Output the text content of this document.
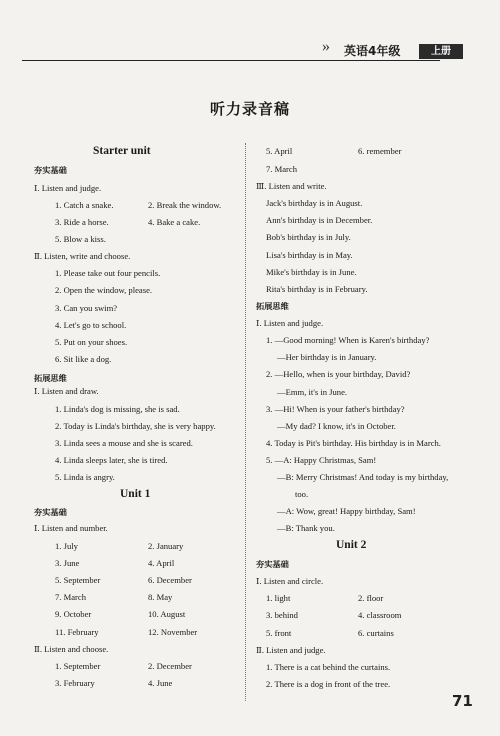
» 英语4年级	上册
听力录音稿
Starter unit
夯实基础
Ⅰ. Listen and judge.
1. Catch a snake.	2. Break the window.
3. Ride a horse.	4. Bake a cake.
5. Blow a kiss.
Ⅱ. Listen, write and choose.
1. Please take out four pencils.
2. Open the window, please.
3. Can you swim?
4. Let's go to school.
5. Put on your shoes.
6. Sit like a dog.
拓展思维
Ⅰ. Listen and draw.
1. Linda's dog is missing, she is sad.
2. Today is Linda's birthday, she is very happy.
3. Linda sees a mouse and she is scared.
4. Linda sleeps later, she is tired.
5. Linda is angry.
Unit 1
夯实基础
Ⅰ. Listen and number.
1. July	2. January
3. June	4. April
5. September	6. December
7. March	8. May
9. October	10. August
11. February	12. November
Ⅱ. Listen and choose.
1. September	2. December
3. February	4. June
5. April	6. remember
7. March
Ⅲ. Listen and write.
Jack's birthday is in August.
Ann's birthday is in December.
Bob's birthday is in July.
Lisa's birthday is in May.
Mike's birthday is in June.
Rita's birthday is in February.
拓展思维
Ⅰ. Listen and judge.
1. —Good morning! When is Karen's birthday?
—Her birthday is in January.
2. —Hello, when is your birthday, David?
—Emm, it's in June.
3. —Hi! When is your father's birthday?
—My dad? I know, it's in October.
4. Today is Pit's birthday. His birthday is in March.
5. —A: Happy Christmas, Sam!
—B: Merry Christmas! And today is my birthday,
too.
—A: Wow, great! Happy birthday, Sam!
—B: Thank you.
Unit 2
夯实基础
Ⅰ. Listen and circle.
1. light	2. floor
3. behind	4. classroom
5. front	6. curtains
Ⅱ. Listen and judge.
1. There is a cat behind the curtains.
2. There is a dog in front of the tree.
71
